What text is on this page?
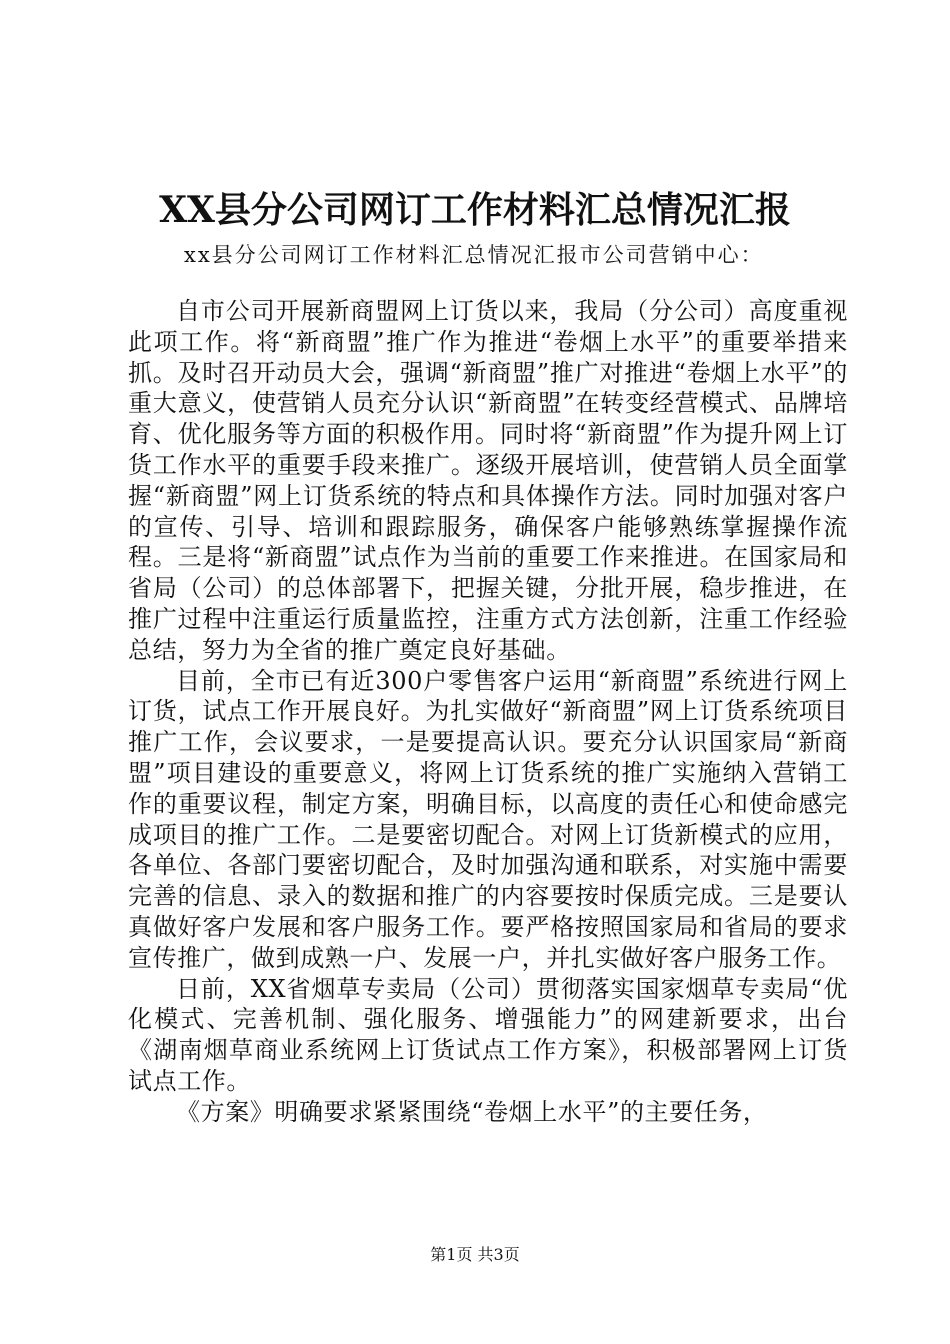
XX县分公司网订工作材料汇总情况汇报

xx县分公司网订工作材料汇总情况汇报市公司营销中心：

自市公司开展新商盟网上订货以来，我局（分公司）高度重视此项工作。将“新商盟”推广作为推进“卷烟上水平”的重要举措来抓。及时召开动员大会，强调“新商盟”推广对推进“卷烟上水平”的重大意义，使营销人员充分认识“新商盟”在转变经营模式、品牌培育、优化服务等方面的积极作用。同时将“新商盟”作为提升网上订货工作水平的重要手段来推广。逐级开展培训，使营销人员全面掌握“新商盟”网上订货系统的特点和具体操作方法。同时加强对客户的宣传、引导、培训和跟踪服务，确保客户能够熟练掌握操作流程。三是将“新商盟”试点作为当前的重要工作来推进。在国家局和省局（公司）的总体部署下，把握关键，分批开展，稳步推进，在推广过程中注重运行质量监控，注重方式方法创新，注重工作经验总结，努力为全省的推广奠定良好基础。

目前，全市已有近300户零售客户运用“新商盟”系统进行网上订货，试点工作开展良好。为扎实做好“新商盟”网上订货系统项目推广工作，会议要求，一是要提高认识。要充分认识国家局“新商盟”项目建设的重要意义，将网上订货系统的推广实施纳入营销工作的重要议程，制定方案，明确目标，以高度的责任心和使命感完成项目的推广工作。二是要密切配合。对网上订货新模式的应用，各单位、各部门要密切配合，及时加强沟通和联系，对实施中需要完善的信息、录入的数据和推广的内容要按时保质完成。三是要认真做好客户发展和客户服务工作。要严格按照国家局和省局的要求宣传推广，做到成熟一户、发展一户，并扎实做好客户服务工作。

日前，XX省烟草专卖局（公司）贯彻落实国家烟草专卖局“优化模式、完善机制、强化服务、增强能力”的网建新要求，出台《湖南烟草商业系统网上订货试点工作方案》，积极部署网上订货试点工作。

《方案》明确要求紧紧围绕“卷烟上水平”的主要任务，

第1页 共3页
